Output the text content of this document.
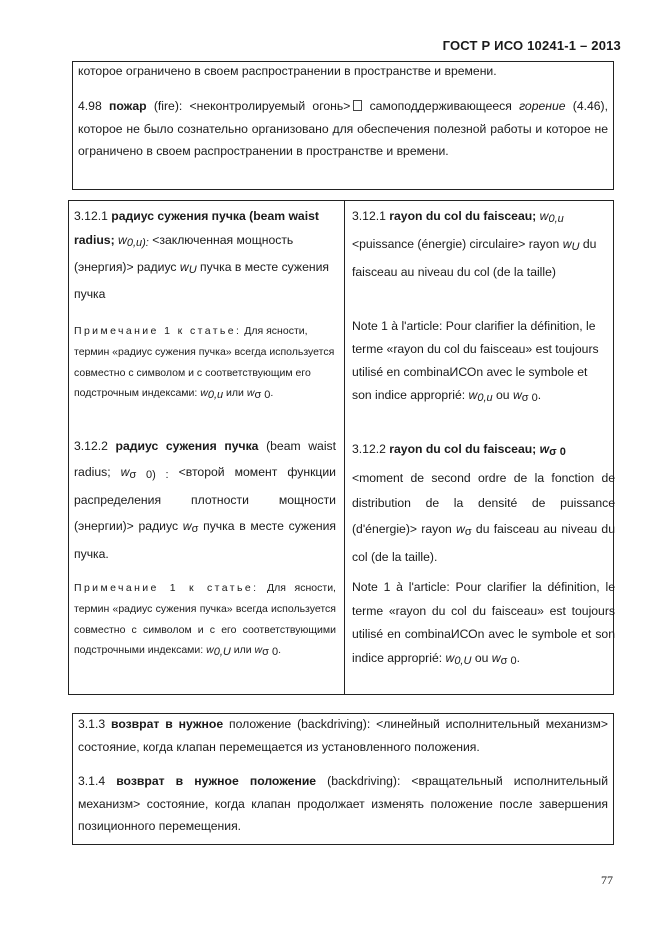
ГОСТ Р ИСО 10241-1 – 2013
которое ограничено в своем распространении в пространстве и времени.
4.98 пожар (fire): <неконтролируемый огонь> самоподдерживающееся горение (4.46), которое не было сознательно организовано для обеспечения полезной работы и которое не ограничено в своем распространении в пространстве и времени.
3.12.1 радиус сужения пучка (beam waist radius; w0,u): <заключенная мощность (энергия)> радиус wU пучка в месте сужения пучка
Примечание 1 к статье: Для ясности, термин «радиус сужения пучка» всегда используется совместно с символом и с соответствующим его подстрочным индексами: w0,u или wσ 0.
3.12.2 радиус сужения пучка (beam waist radius; wσ 0) : <второй момент функции распределения плотности мощности (энергии)> радиус wσ пучка в месте сужения пучка.
Примечание 1 к статье: Для ясности, термин «радиус сужения пучка» всегда используется совместно с символом и с его соответствующими подстрочными индексами: w0,U или wσ 0.
3.12.1 rayon du col du faisceau; w0,u
<puissance (énergie) circulaire> rayon wU du faisceau au niveau du col (de la taille)
Note 1 à l'article: Pour clarifier la définition, le terme «rayon du col du faisceau» est toujours utilisé en combinaИСОn avec le symbole et son indice approprié: w0,u ou wσ 0.
3.12.2 rayon du col du faisceau; wσ 0
<moment de second ordre de la fonction de distribution de la densité de puissance (d'énergie)> rayon wσ du faisceau au niveau du col (de la taille).
Note 1 à l'article: Pour clarifier la définition, le terme «rayon du col du faisceau» est toujours utilisé en combinaИСОn avec le symbole et son indice approprié: w0,U ou wσ 0.
3.1.3 возврат в нужное положение (backdriving): <линейный исполнительный механизм> состояние, когда клапан перемещается из установленного положения.
3.1.4 возврат в нужное положение (backdriving): <вращательный исполнительный механизм> состояние, когда клапан продолжает изменять положение после завершения позиционного перемещения.
77
